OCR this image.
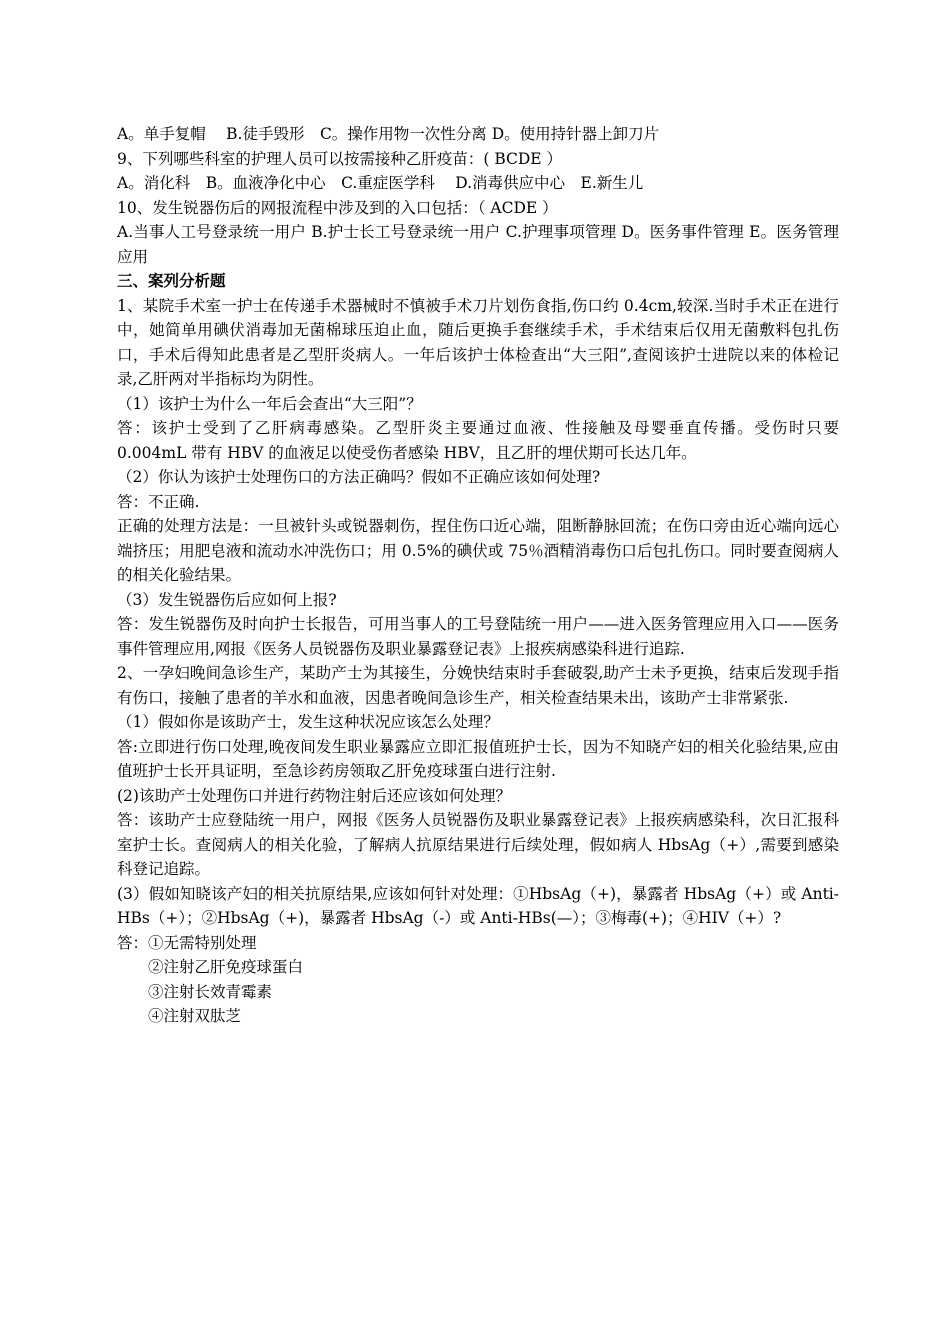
A。单手复帽　 B.徒手毁形　C。操作用物一次性分离 D。使用持针器上卸刀片
9、下列哪些科室的护理人员可以按需接种乙肝疫苗：( BCDE ）
A。消化科　B。血液净化中心　C.重症医学科　 D.消毒供应中心　E.新生儿
10、发生锐器伤后的网报流程中涉及到的入口包括：（ ACDE ）
A.当事人工号登录统一用户 B.护士长工号登录统一用户 C.护理事项管理 D。医务事件管理 E。医务管理应用
三、案列分析题
1、某院手术室一护士在传递手术器械时不慎被手术刀片划伤食指,伤口约 0.4cm,较深.当时手术正在进行中，她简单用碘伏消毒加无菌棉球压迫止血，随后更换手套继续手术，手术结束后仅用无菌敷料包扎伤口，手术后得知此患者是乙型肝炎病人。一年后该护士体检查出“大三阳”,查阅该护士进院以来的体检记录,乙肝两对半指标均为阴性。
（1）该护士为什么一年后会查出“大三阳”？
答：该护士受到了乙肝病毒感染。乙型肝炎主要通过血液、性接触及母婴垂直传播。受伤时只要 0.004mL 带有 HBV 的血液足以使受伤者感染 HBV，且乙肝的埋伏期可长达几年。
（2）你认为该护士处理伤口的方法正确吗？假如不正确应该如何处理?
答：不正确.
正确的处理方法是：一旦被针头或锐器刺伤，捏住伤口近心端，阻断静脉回流；在伤口旁由近心端向远心端挤压；用肥皂液和流动水冲洗伤口；用 0.5%的碘伏或 75％酒精消毒伤口后包扎伤口。同时要查阅病人的相关化验结果。
（3）发生锐器伤后应如何上报?
答：发生锐器伤及时向护士长报告，可用当事人的工号登陆统一用户——进入医务管理应用入口——医务事件管理应用,网报《医务人员锐器伤及职业暴露登记表》上报疾病感染科进行追踪.
2、一孕妇晚间急诊生产，某助产士为其接生，分娩快结束时手套破裂,助产士未予更换，结束后发现手指有伤口，接触了患者的羊水和血液，因患者晚间急诊生产，相关检查结果未出，该助产士非常紧张.
（1）假如你是该助产士，发生这种状况应该怎么处理？
答:立即进行伤口处理,晚夜间发生职业暴露应立即汇报值班护士长，因为不知晓产妇的相关化验结果,应由值班护士长开具证明，至急诊药房领取乙肝免疫球蛋白进行注射.
(2)该助产士处理伤口并进行药物注射后还应该如何处理？
答：该助产士应登陆统一用户，网报《医务人员锐器伤及职业暴露登记表》上报疾病感染科，次日汇报科室护士长。查阅病人的相关化验，了解病人抗原结果进行后续处理，假如病人 HbsAg（+）,需要到感染科登记追踪。
(3）假如知晓该产妇的相关抗原结果,应该如何针对处理：①HbsAg（+)，暴露者 HbsAg（+）或 Anti-HBs（+）；②HbsAg（+)，暴露者 HbsAg（-）或 Anti-HBs(—）；③梅毒(+)；④HIV（+）?
答：①无需特别处理
②注射乙肝免疫球蛋白
③注射长效青霉素
④注射双肽芝
